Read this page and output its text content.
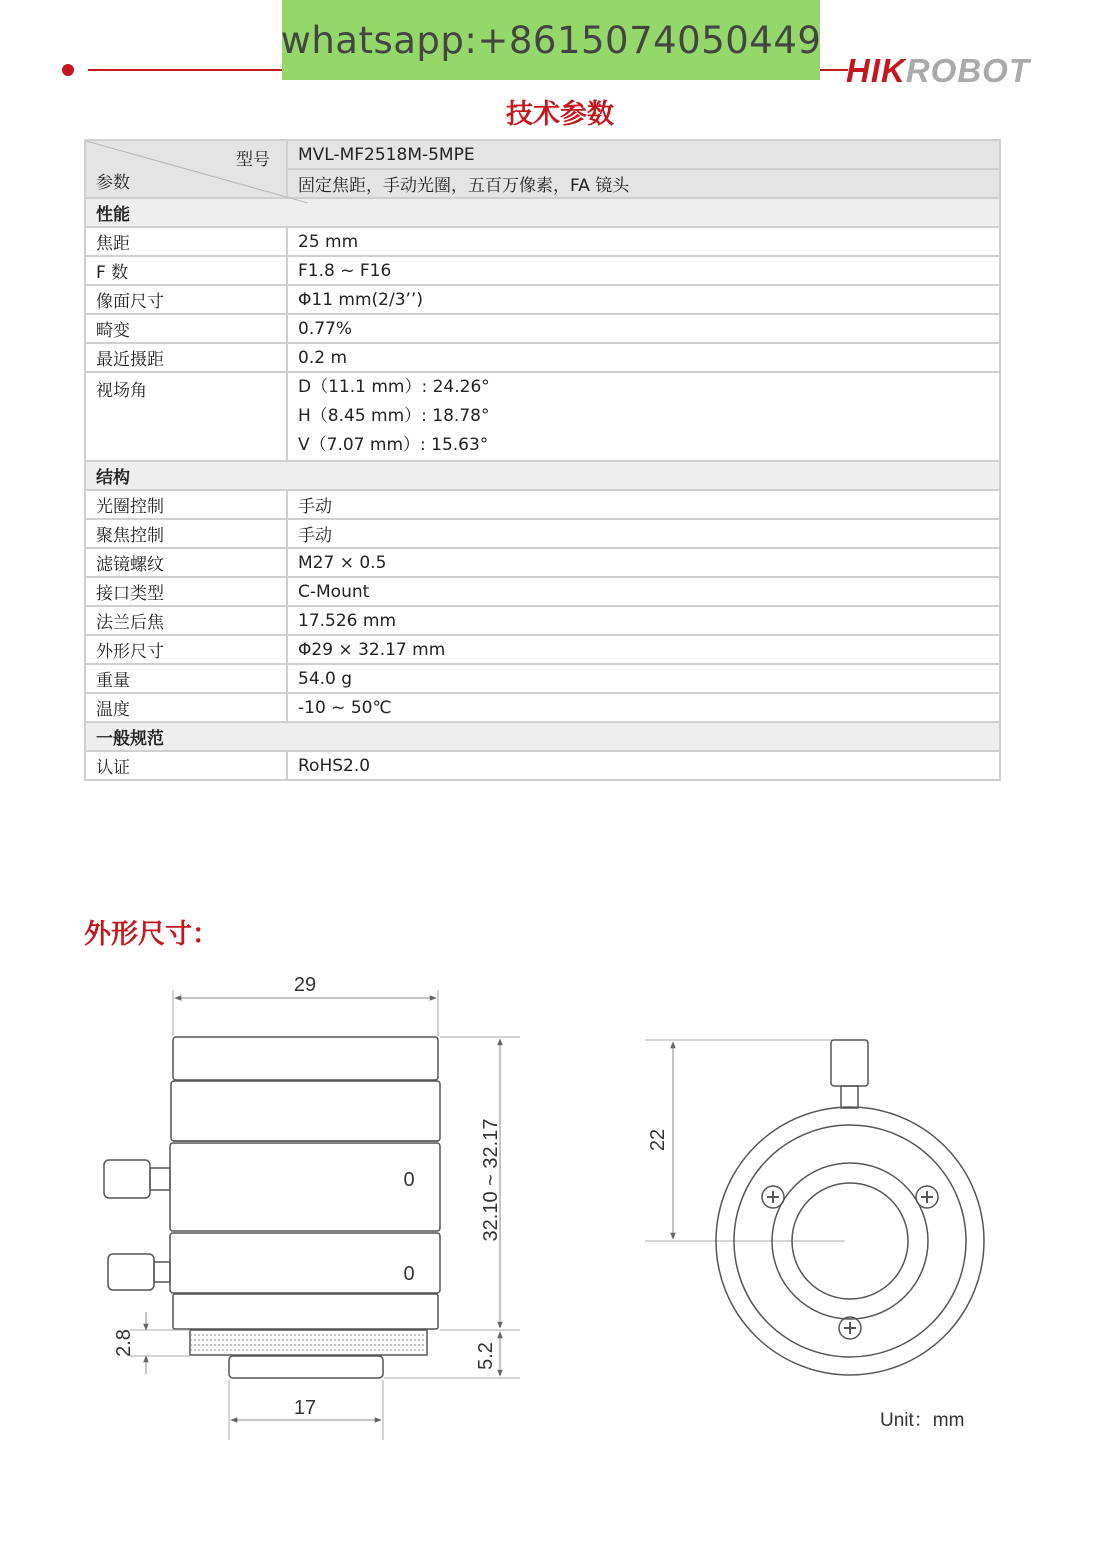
whatsapp:+8615074050449
HIKROBOT
技术参数
型号
参数	MVL-MF2518M-5MPE
	固定焦距，手动光圈，五百万像素，FA 镜头
性能	
焦距	25 mm
F 数	F1.8 ~ F16
像面尺寸	Φ11 mm(2/3’’)
畸变	0.77%
最近摄距	0.2 m
视场角	D（11.1 mm）: 24.26°
H（8.45 mm）: 18.78°
V（7.07 mm）: 15.63°

结构	
光圈控制	手动
聚焦控制	手动
滤镜螺纹	M27 × 0.5
接口类型	C-Mount
法兰后焦	17.526 mm
外形尺寸	Φ29 × 32.17 mm
重量	54.0 g
温度	-10 ~ 50℃
一般规范	
认证	RoHS2.0
外形尺寸：
29
0
0
32.10 ~ 32.17
5.2
2.8
17
22
Unit：mm
